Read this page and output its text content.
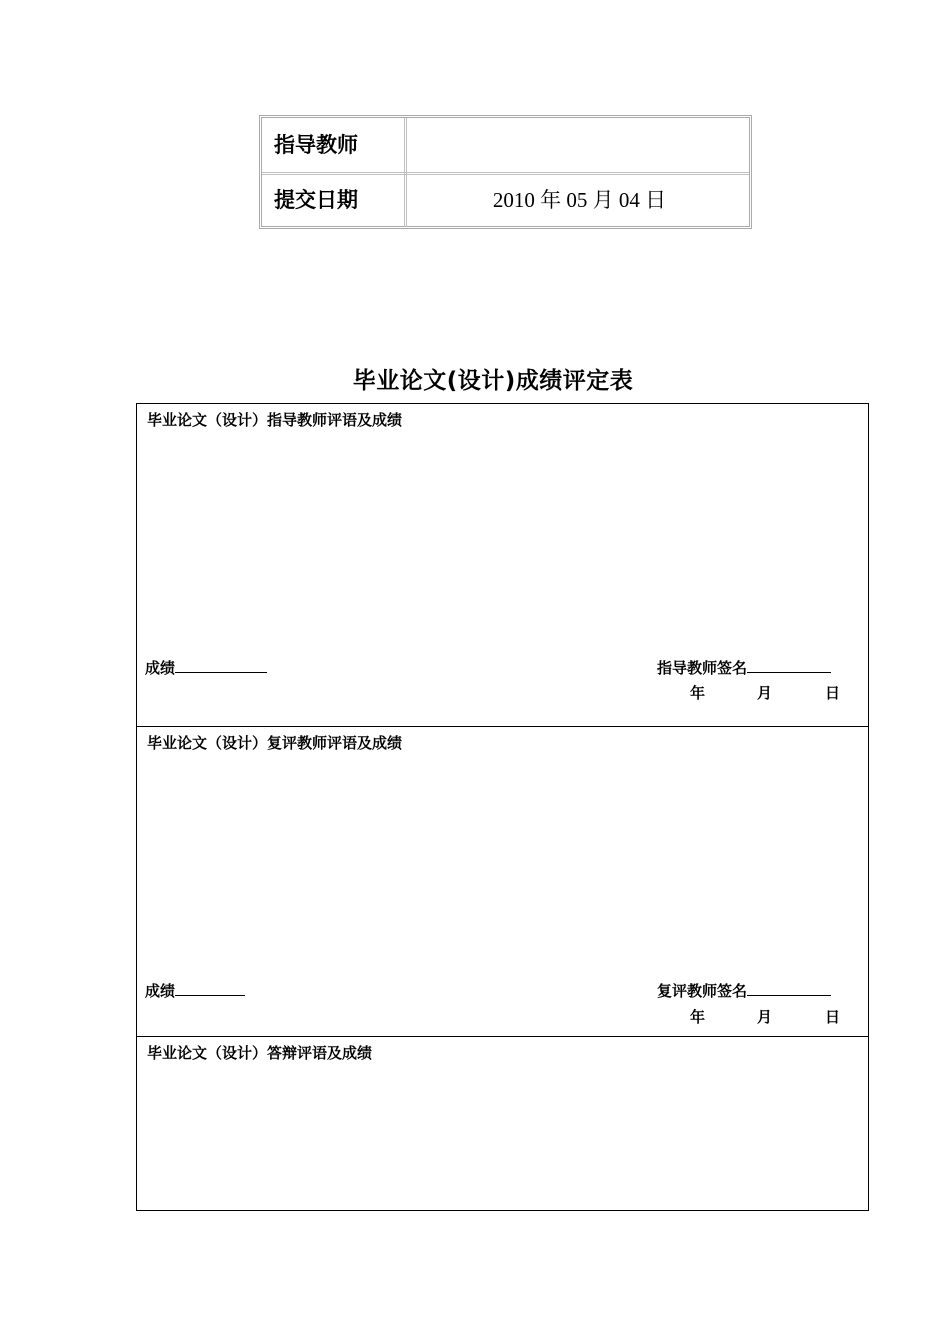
指导教师
提交日期	2010 年 05 月 04 日
毕业论文(设计)成绩评定表
毕业论文（设计）指导教师评语及成绩
成绩	指导教师签名
年	月	日
毕业论文（设计）复评教师评语及成绩
成绩	复评教师签名
年	月	日
毕业论文（设计）答辩评语及成绩
